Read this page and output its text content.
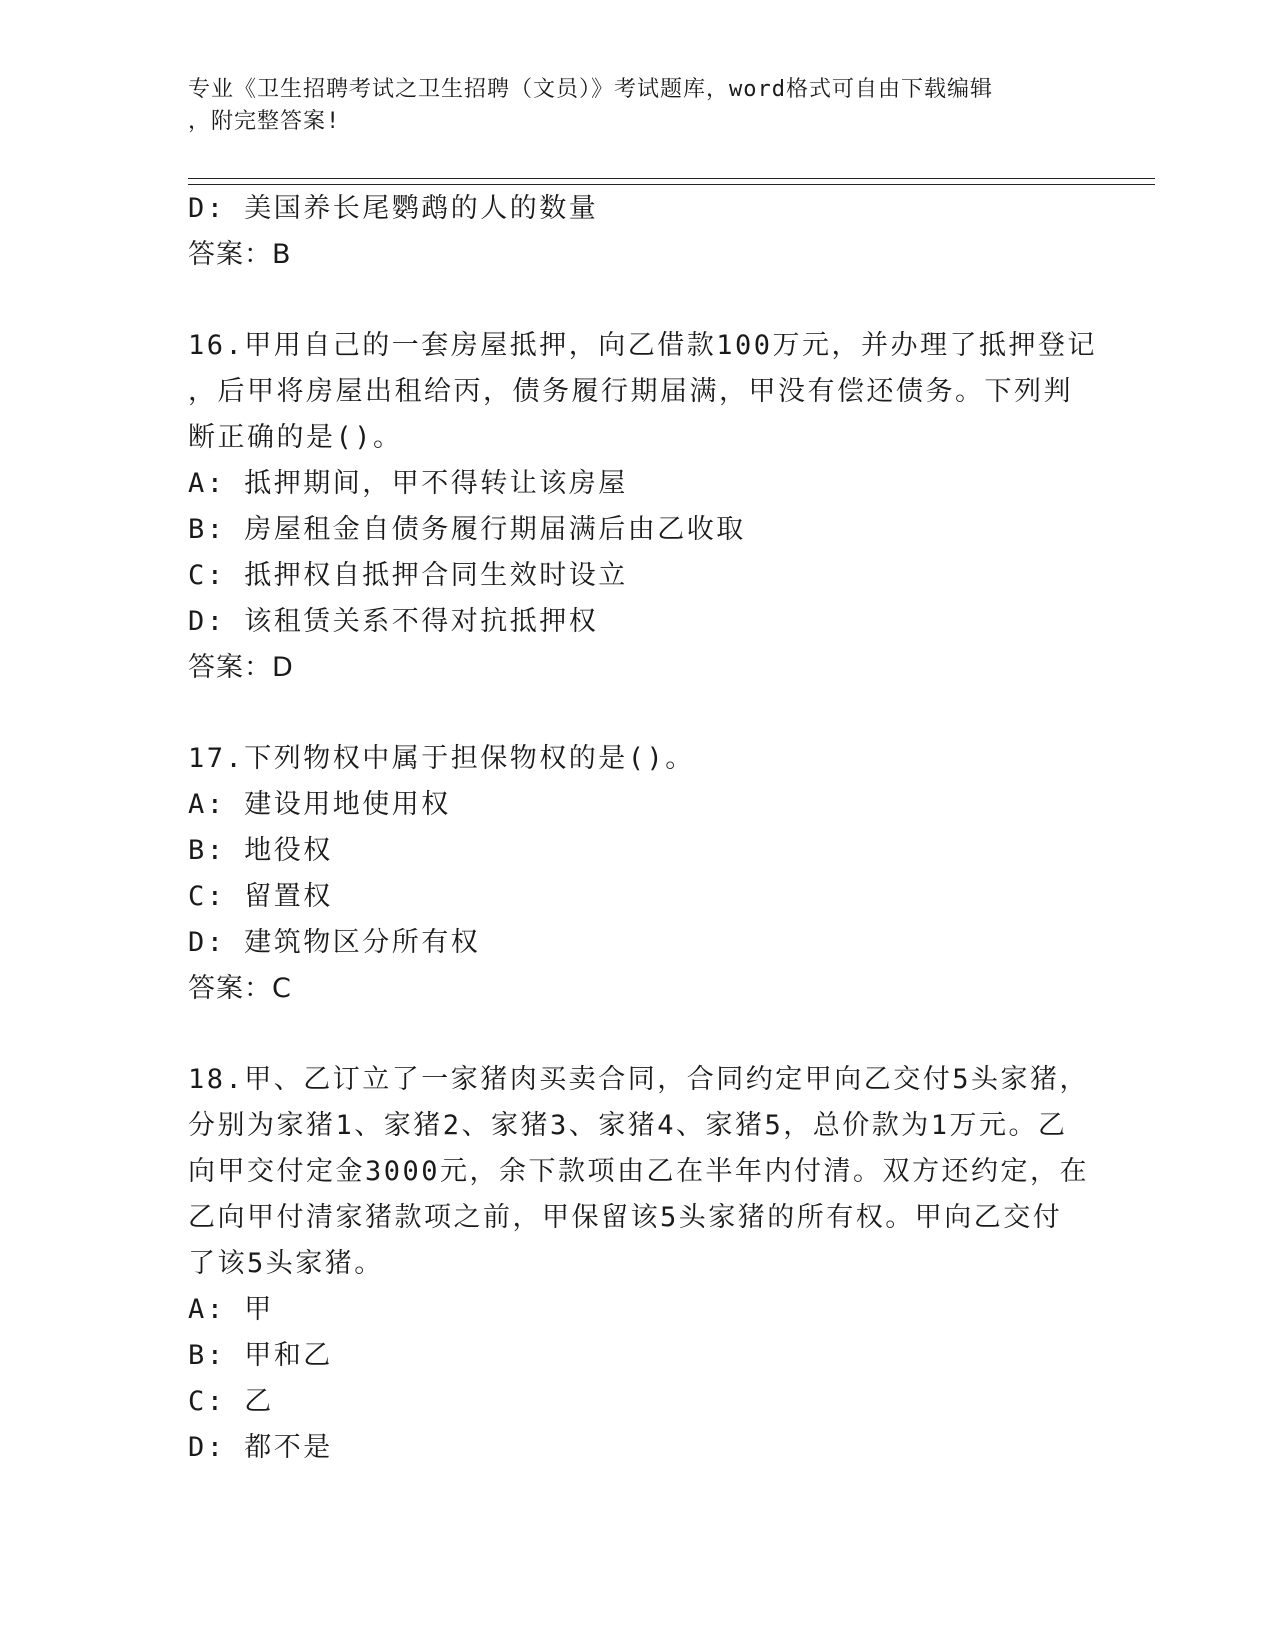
专业《卫生招聘考试之卫生招聘（文员）》考试题库，word格式可自由下载编辑
，附完整答案!
D: 美国养长尾鹦鹉的人的数量
答案：B
16.甲用自己的一套房屋抵押，向乙借款100万元，并办理了抵押登记
，后甲将房屋出租给丙，债务履行期届满，甲没有偿还债务。下列判
断正确的是()。
A: 抵押期间，甲不得转让该房屋
B: 房屋租金自债务履行期届满后由乙收取
C: 抵押权自抵押合同生效时设立
D: 该租赁关系不得对抗抵押权
答案：D
17.下列物权中属于担保物权的是()。
A: 建设用地使用权
B: 地役权
C: 留置权
D: 建筑物区分所有权
答案：C
18.甲、乙订立了一家猪肉买卖合同，合同约定甲向乙交付5头家猪，
分别为家猪1、家猪2、家猪3、家猪4、家猪5，总价款为1万元。乙
向甲交付定金3000元，余下款项由乙在半年内付清。双方还约定，在
乙向甲付清家猪款项之前，甲保留该5头家猪的所有权。甲向乙交付
了该5头家猪。
A: 甲
B: 甲和乙
C: 乙
D: 都不是
